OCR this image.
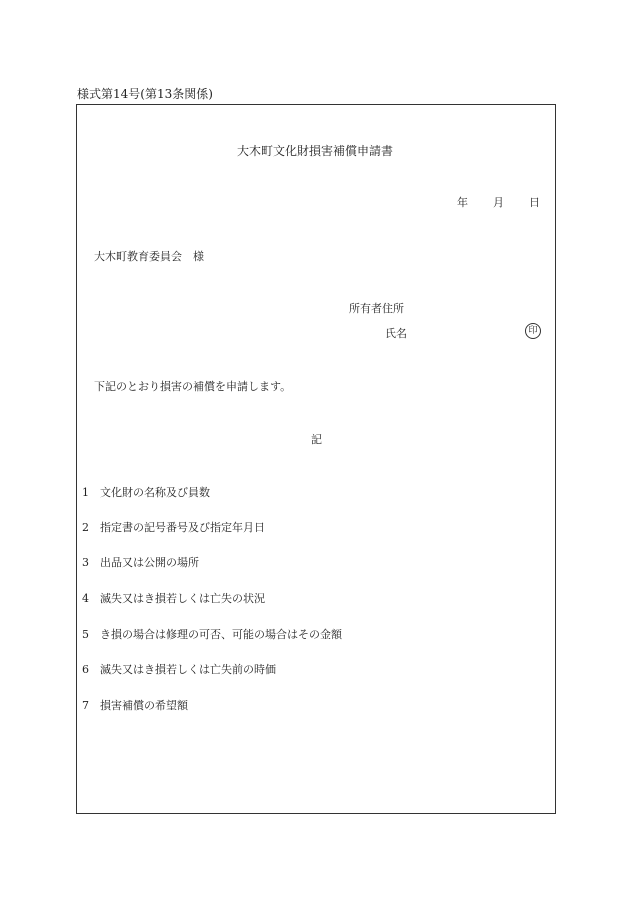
様式第14号(第13条関係)
大木町文化財損害補償申請書
年 月 日
大木町教育委員会　様
所有者住所
氏名	印
下記のとおり損害の補償を申請します。
記
1 文化財の名称及び員数
2 指定書の記号番号及び指定年月日
3 出品又は公開の場所
4 滅失又はき損若しくは亡失の状況
5 き損の場合は修理の可否、可能の場合はその金額
6 滅失又はき損若しくは亡失前の時価
7 損害補償の希望額
